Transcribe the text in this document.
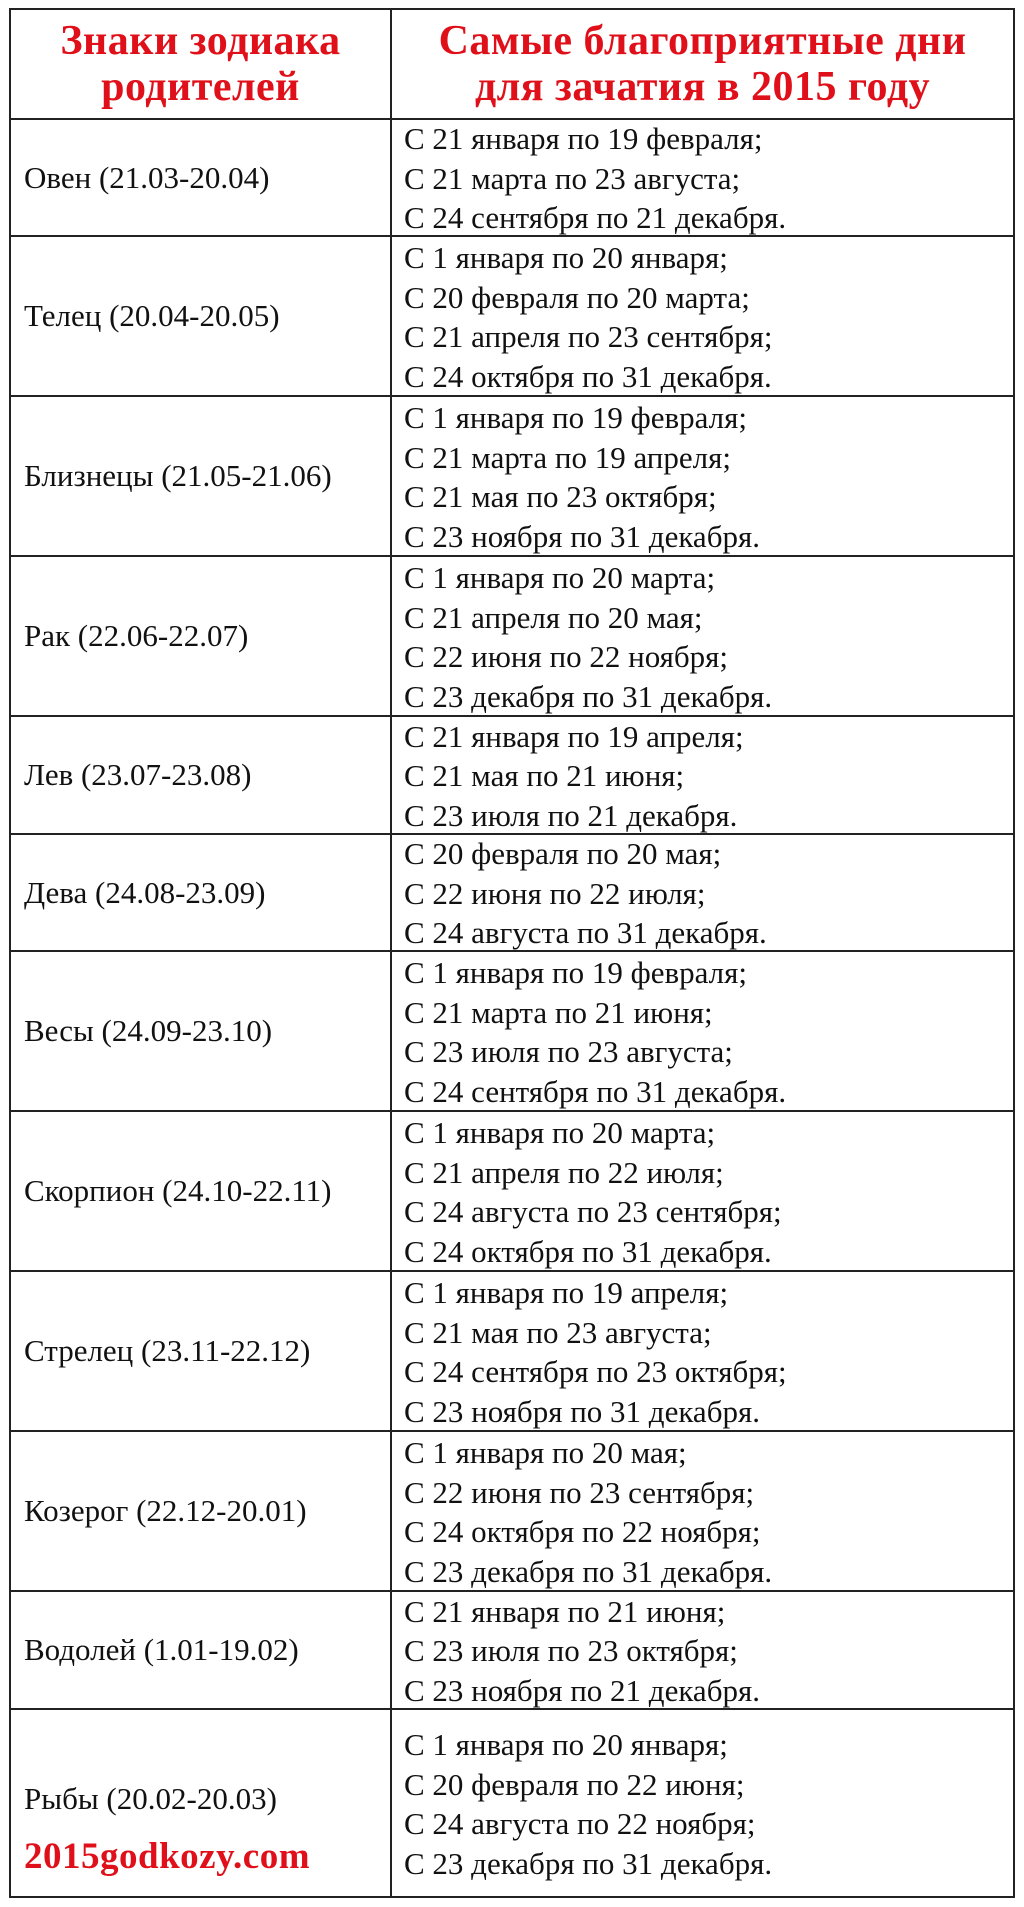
Знаки зодиака
родителей
Самые благоприятные дни
для зачатия в 2015 году
Овен (21.03-20.04)
С 21 января по 19 февраля;
С 21 марта по 23 августа;
С 24 сентября по 21 декабря.
Телец (20.04-20.05)
С 1 января по 20 января;
С 20 февраля по 20 марта;
С 21 апреля по 23 сентября;
С 24 октября по 31 декабря.
Близнецы (21.05-21.06)
С 1 января по 19 февраля;
С 21 марта по 19 апреля;
С 21 мая по 23 октября;
С 23 ноября по 31 декабря.
Рак (22.06-22.07)
С 1 января по 20 марта;
С 21 апреля по 20 мая;
С 22 июня по 22 ноября;
С 23 декабря по 31 декабря.
Лев (23.07-23.08)
С 21 января по 19 апреля;
С 21 мая по 21 июня;
С 23 июля по 21 декабря.
Дева (24.08-23.09)
С 20 февраля по 20 мая;
С 22 июня по 22 июля;
С 24 августа по 31 декабря.
Весы (24.09-23.10)
С 1 января по 19 февраля;
С 21 марта по 21 июня;
С 23 июля по 23 августа;
С 24 сентября по 31 декабря.
Скорпион (24.10-22.11)
С 1 января по 20 марта;
С 21 апреля по 22 июля;
С 24 августа по 23 сентября;
С 24 октября по 31 декабря.
Стрелец (23.11-22.12)
С 1 января по 19 апреля;
С 21 мая по 23 августа;
С 24 сентября по 23 октября;
С 23 ноября по 31 декабря.
Козерог (22.12-20.01)
С 1 января по 20 мая;
С 22 июня по 23 сентября;
С 24 октября по 22 ноября;
С 23 декабря по 31 декабря.
Водолей (1.01-19.02)
С 21 января по 21 июня;
С 23 июля по 23 октября;
С 23 ноября по 21 декабря.
Рыбы (20.02-20.03)
2015godkozy.com
С 1 января по 20 января;
С 20 февраля по 22 июня;
С 24 августа по 22 ноября;
С 23 декабря по 31 декабря.
